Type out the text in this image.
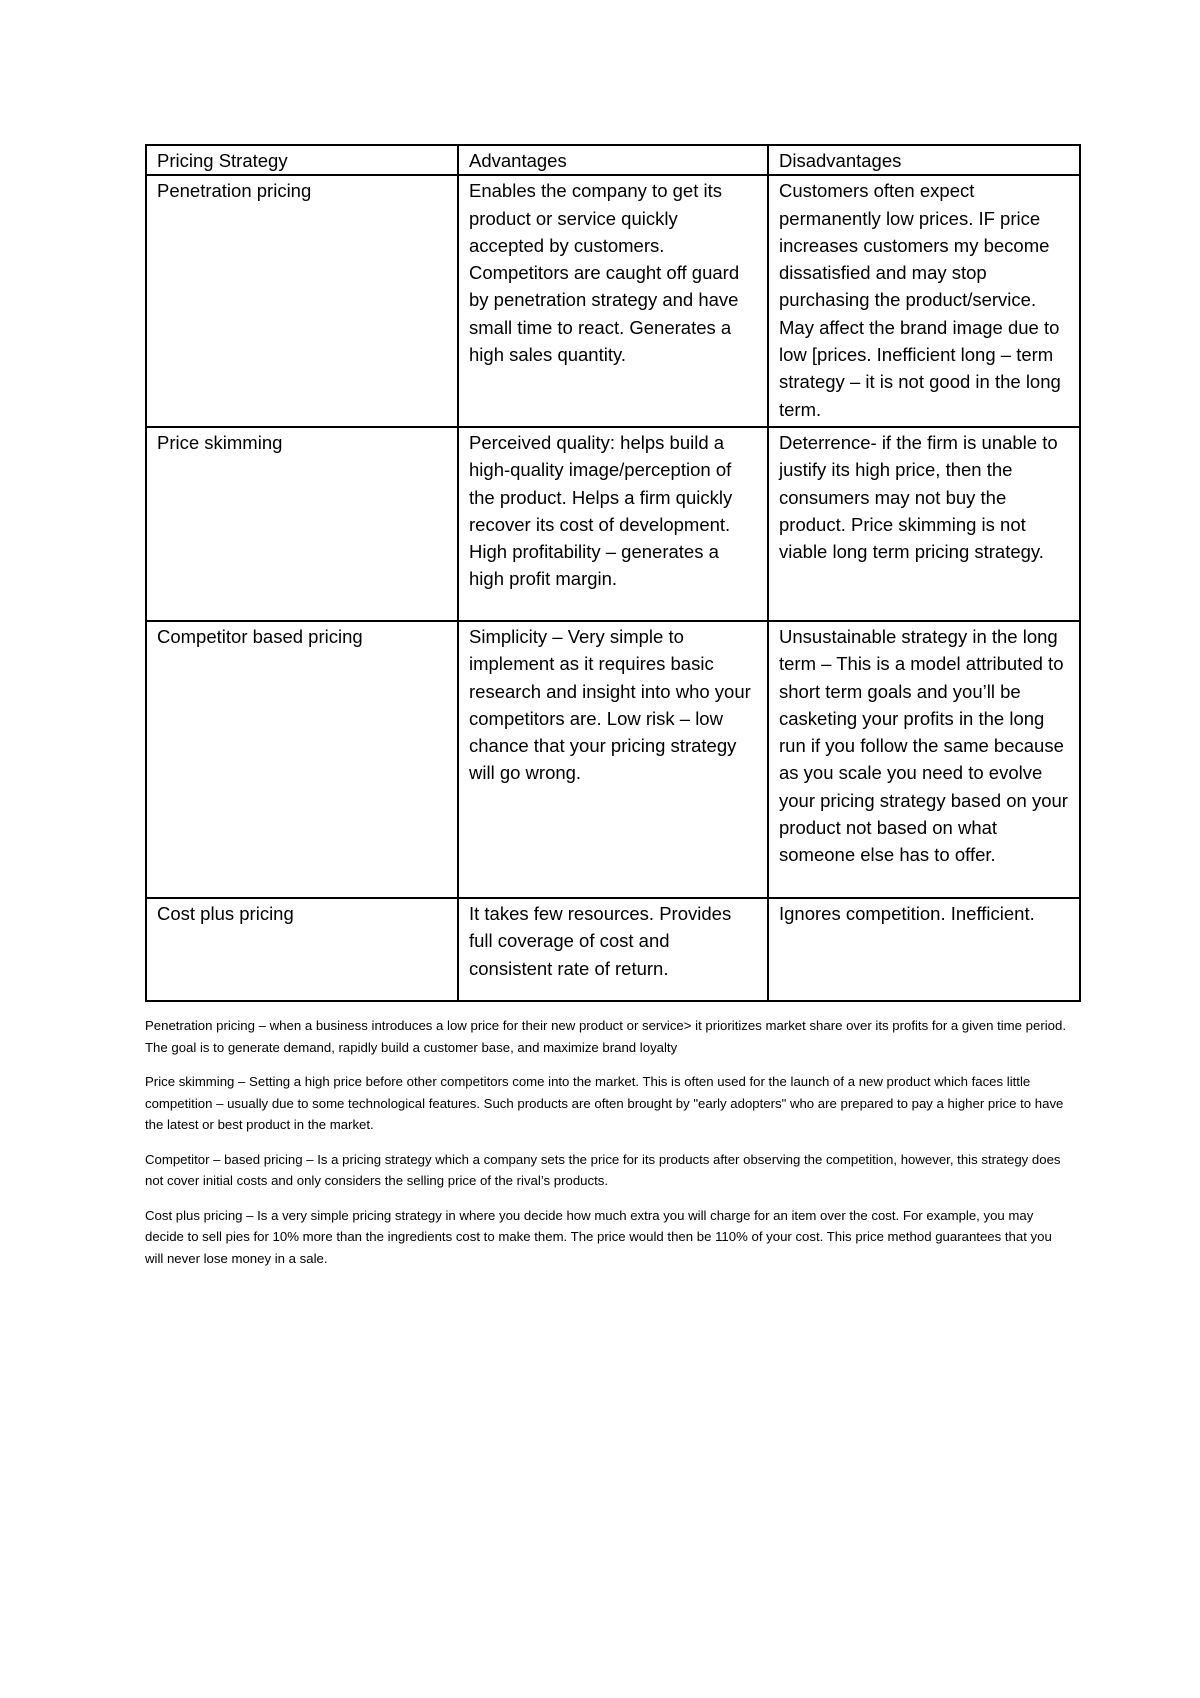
Pricing Strategy	Advantages	Disadvantages
Penetration pricing	Enables the company to get its product or service quickly accepted by customers. Competitors are caught off guard by penetration strategy and have small time to react. Generates a high sales quantity.	Customers often expect permanently low prices. IF price increases customers my become dissatisfied and may stop purchasing the product/service. May affect the brand image due to low [prices. Inefficient long – term strategy – it is not good in the long term.
Price skimming	Perceived quality: helps build a high-quality image/perception of the product. Helps a firm quickly recover its cost of development. High profitability – generates a high profit margin.	Deterrence- if the firm is unable to justify its high price, then the consumers may not buy the product. Price skimming is not viable long term pricing strategy.
Competitor based pricing	Simplicity – Very simple to implement as it requires basic research and insight into who your competitors are. Low risk – low chance that your pricing strategy will go wrong.	Unsustainable strategy in the long term – This is a model attributed to short term goals and you’ll be casketing your profits in the long run if you follow the same because as you scale you need to evolve your pricing strategy based on your product not based on what someone else has to offer.
Cost plus pricing	It takes few resources. Provides full coverage of cost and consistent rate of return.	Ignores competition. Inefficient.

Penetration pricing – when a business introduces a low price for their new product or service> it prioritizes market share over its profits for a given time period. The goal is to generate demand, rapidly build a customer base, and maximize brand loyalty

Price skimming – Setting a high price before other competitors come into the market. This is often used for the launch of a new product which faces little competition – usually due to some technological features. Such products are often brought by "early adopters" who are prepared to pay a higher price to have the latest or best product in the market.

Competitor – based pricing – Is a pricing strategy which a company sets the price for its products after observing the competition, however, this strategy does not cover initial costs and only considers the selling price of the rival’s products.

Cost plus pricing – Is a very simple pricing strategy in where you decide how much extra you will charge for an item over the cost. For example, you may decide to sell pies for 10% more than the ingredients cost to make them. The price would then be 110% of your cost. This price method guarantees that you will never lose money in a sale.
